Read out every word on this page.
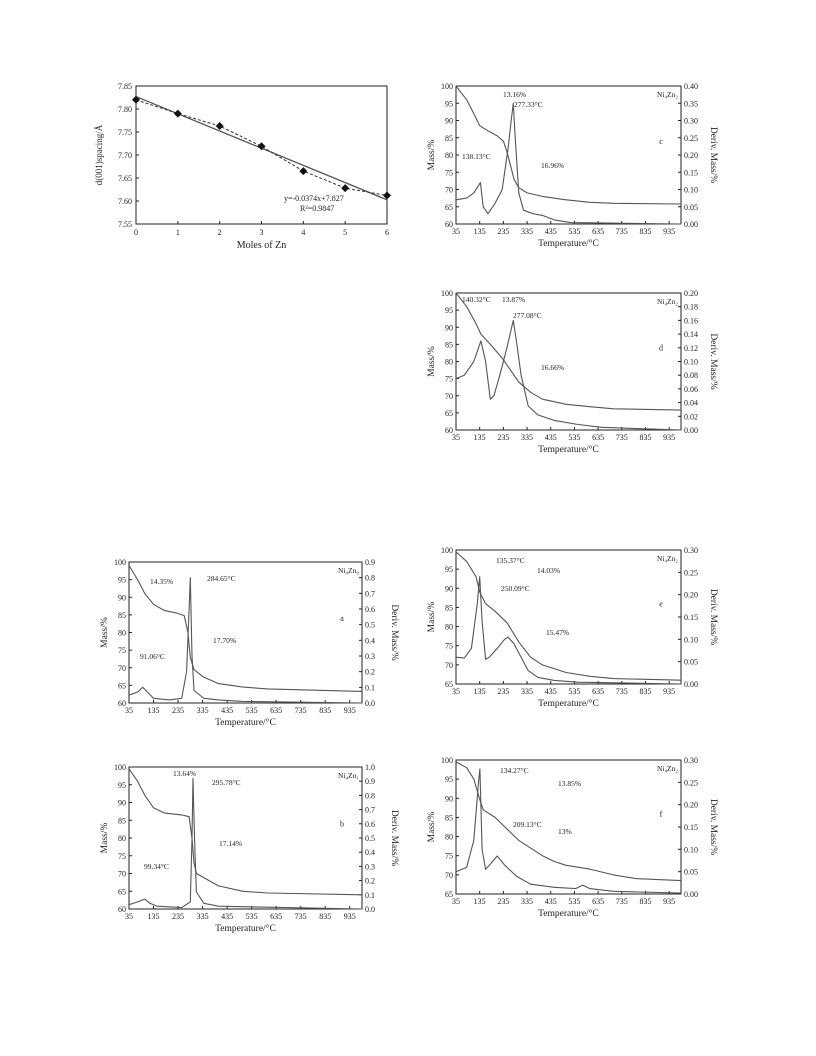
0	1	2	3	4	5	6
7.55
7.60
7.65
7.70
7.75
7.80
7.85
y=-0.0374x+7.827
R²=0.9847
Moles of Zn
d(001)spacing/Å
35 135 235 335 435 535 635 735 835 935
60
65
70
75
80
85
90
95
100
0.00
0.05
0.10
0.15
0.20
0.25
0.30
0.35
0.40
Temperature/°C
Mass/%	Deriv. Mass/%
Ni₄Zn₂
c
13.16%
277.33°C
138.13°C
16.96%
35 135 235 335 435 535 635 735 835 935
60
65
70
75
80
85
90
95
100
0.00
0.02
0.04
0.06
0.08
0.10
0.12
0.14
0.16
0.18
0.20
Temperature/°C
Mass/%	Deriv. Mass/%
Ni₄Zn₂
d
140.32°C 13.87%
277.08°C
16.66%
35 135 235 335 435 535 635 735 835 935
60
65
70
75
80
85
90
95
100
0.0
0.1
0.2
0.3
0.4
0.5
0.6
0.7
0.8
0.9
Temperature/°C
Mass/%	Deriv. Mass/%
Ni₄Zn₀
a
14.35%	284.65°C
91.06°C
17.70%
35 135 235 335 435 535 635 735 835 935
65
70
75
80
85
90
95
100
0.00
0.05
0.10
0.15
0.20
0.25
0.30
Temperature/°C
Mass/%	Deriv. Mass/%
Ni₄Zn₂
e
135.37°C
14.03%
250.09°C
15.47%
35 135 235 335 435 535 635 735 835 935
60
65
70
75
80
85
90
95
100
0.0
0.1
0.2
0.3
0.4
0.5
0.6
0.7
0.8
0.9
1.0
Temperature/°C
Mass/%	Deriv. Mass/%
Ni₄Zn₁
b
13.64%
295.78°C
99.34°C
17.14%
35 135 235 335 435 535 635 735 835 935
65
70
75
80
85
90
95
100
0.00
0.05
0.10
0.15
0.20
0.25
0.30
Temperature/°C
Mass/%	Deriv. Mass/%
Ni₄Zn₂
f
134.27°C
13.85%
209.13°C
13%
